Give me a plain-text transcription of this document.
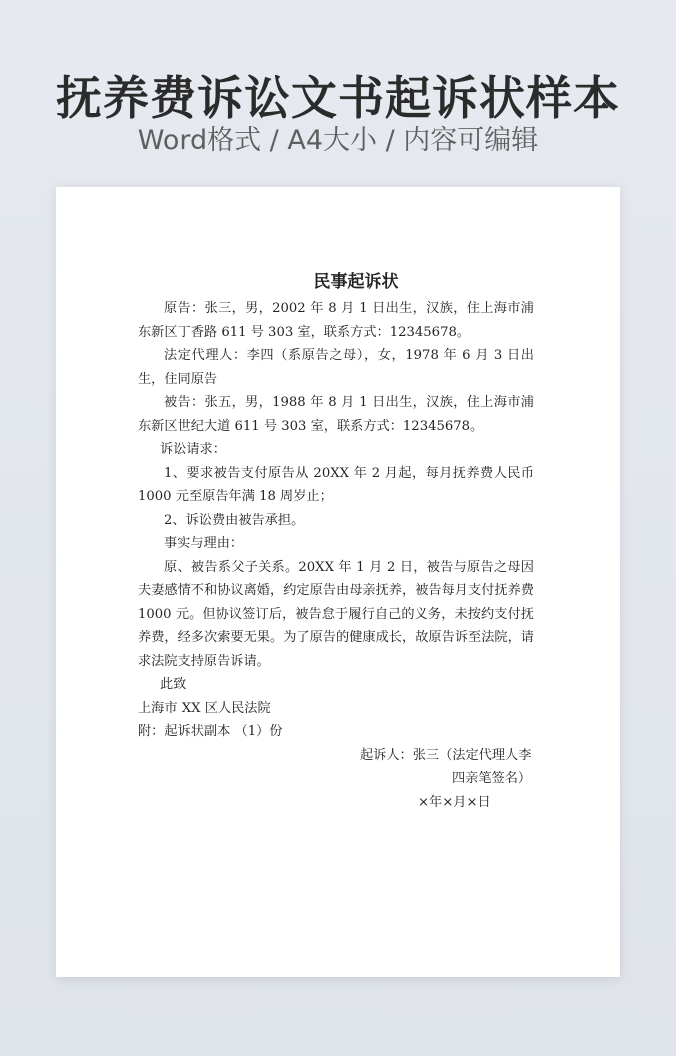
抚养费诉讼文书起诉状样本
Word格式 / A4大小 / 内容可编辑
民事起诉状

原告：张三，男，2002 年 8 月 1 日出生，汉族，住上海市浦东新区丁香路 611 号 303 室，联系方式：12345678。

法定代理人：李四（系原告之母），女，1978 年 6 月 3 日出生，住同原告

被告：张五，男，1988 年 8 月 1 日出生，汉族，住上海市浦东新区世纪大道 611 号 303 室，联系方式：12345678。

诉讼请求：

1、要求被告支付原告从 20XX 年 2 月起，每月抚养费人民币 1000 元至原告年满 18 周岁止；

2、诉讼费由被告承担。

事实与理由：

原、被告系父子关系。20XX 年 1 月 2 日，被告与原告之母因夫妻感情不和协议离婚，约定原告由母亲抚养，被告每月支付抚养费 1000 元。但协议签订后，被告怠于履行自己的义务，未按约支付抚养费，经多次索要无果。为了原告的健康成长，故原告诉至法院，请求法院支持原告诉请。

此致

上海市 XX 区人民法院

附：起诉状副本 （1）份

起诉人：张三（法定代理人李
四亲笔签名）
×年×月×日
